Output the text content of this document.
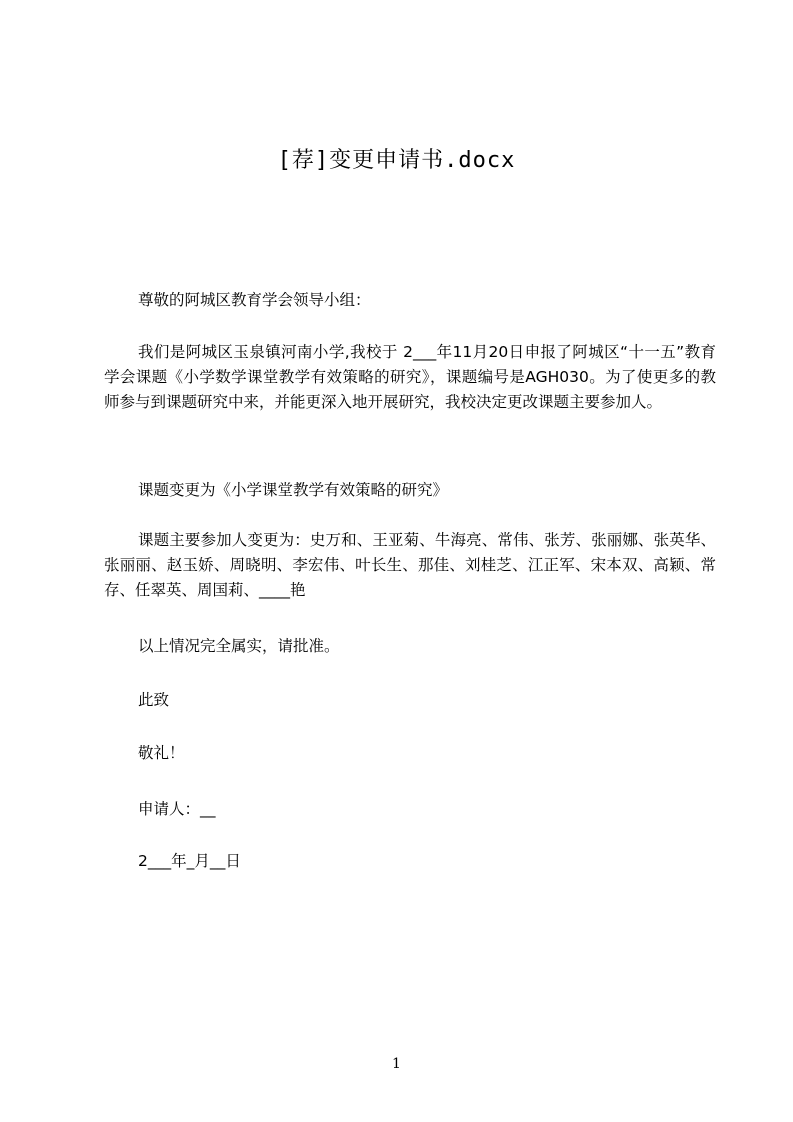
[荐]变更申请书.docx
尊敬的阿城区教育学会领导小组：
我们是阿城区玉泉镇河南小学,我校于 2___年11月20日申报了阿城区“十一五”教育学会课题《小学数学课堂教学有效策略的研究》，课题编号是AGH030。为了使更多的教师参与到课题研究中来，并能更深入地开展研究，我校决定更改课题主要参加人。
课题变更为《小学课堂教学有效策略的研究》
课题主要参加人变更为：史万和、王亚菊、牛海亮、常伟、张芳、张丽娜、张英华、张丽丽、赵玉娇、周晓明、李宏伟、叶长生、那佳、刘桂芝、江正军、宋本双、高颖、常存、任翠英、周国莉、____艳
以上情况完全属实，请批准。
此致
敬礼！
申请人：__
2___年_月__日
1
